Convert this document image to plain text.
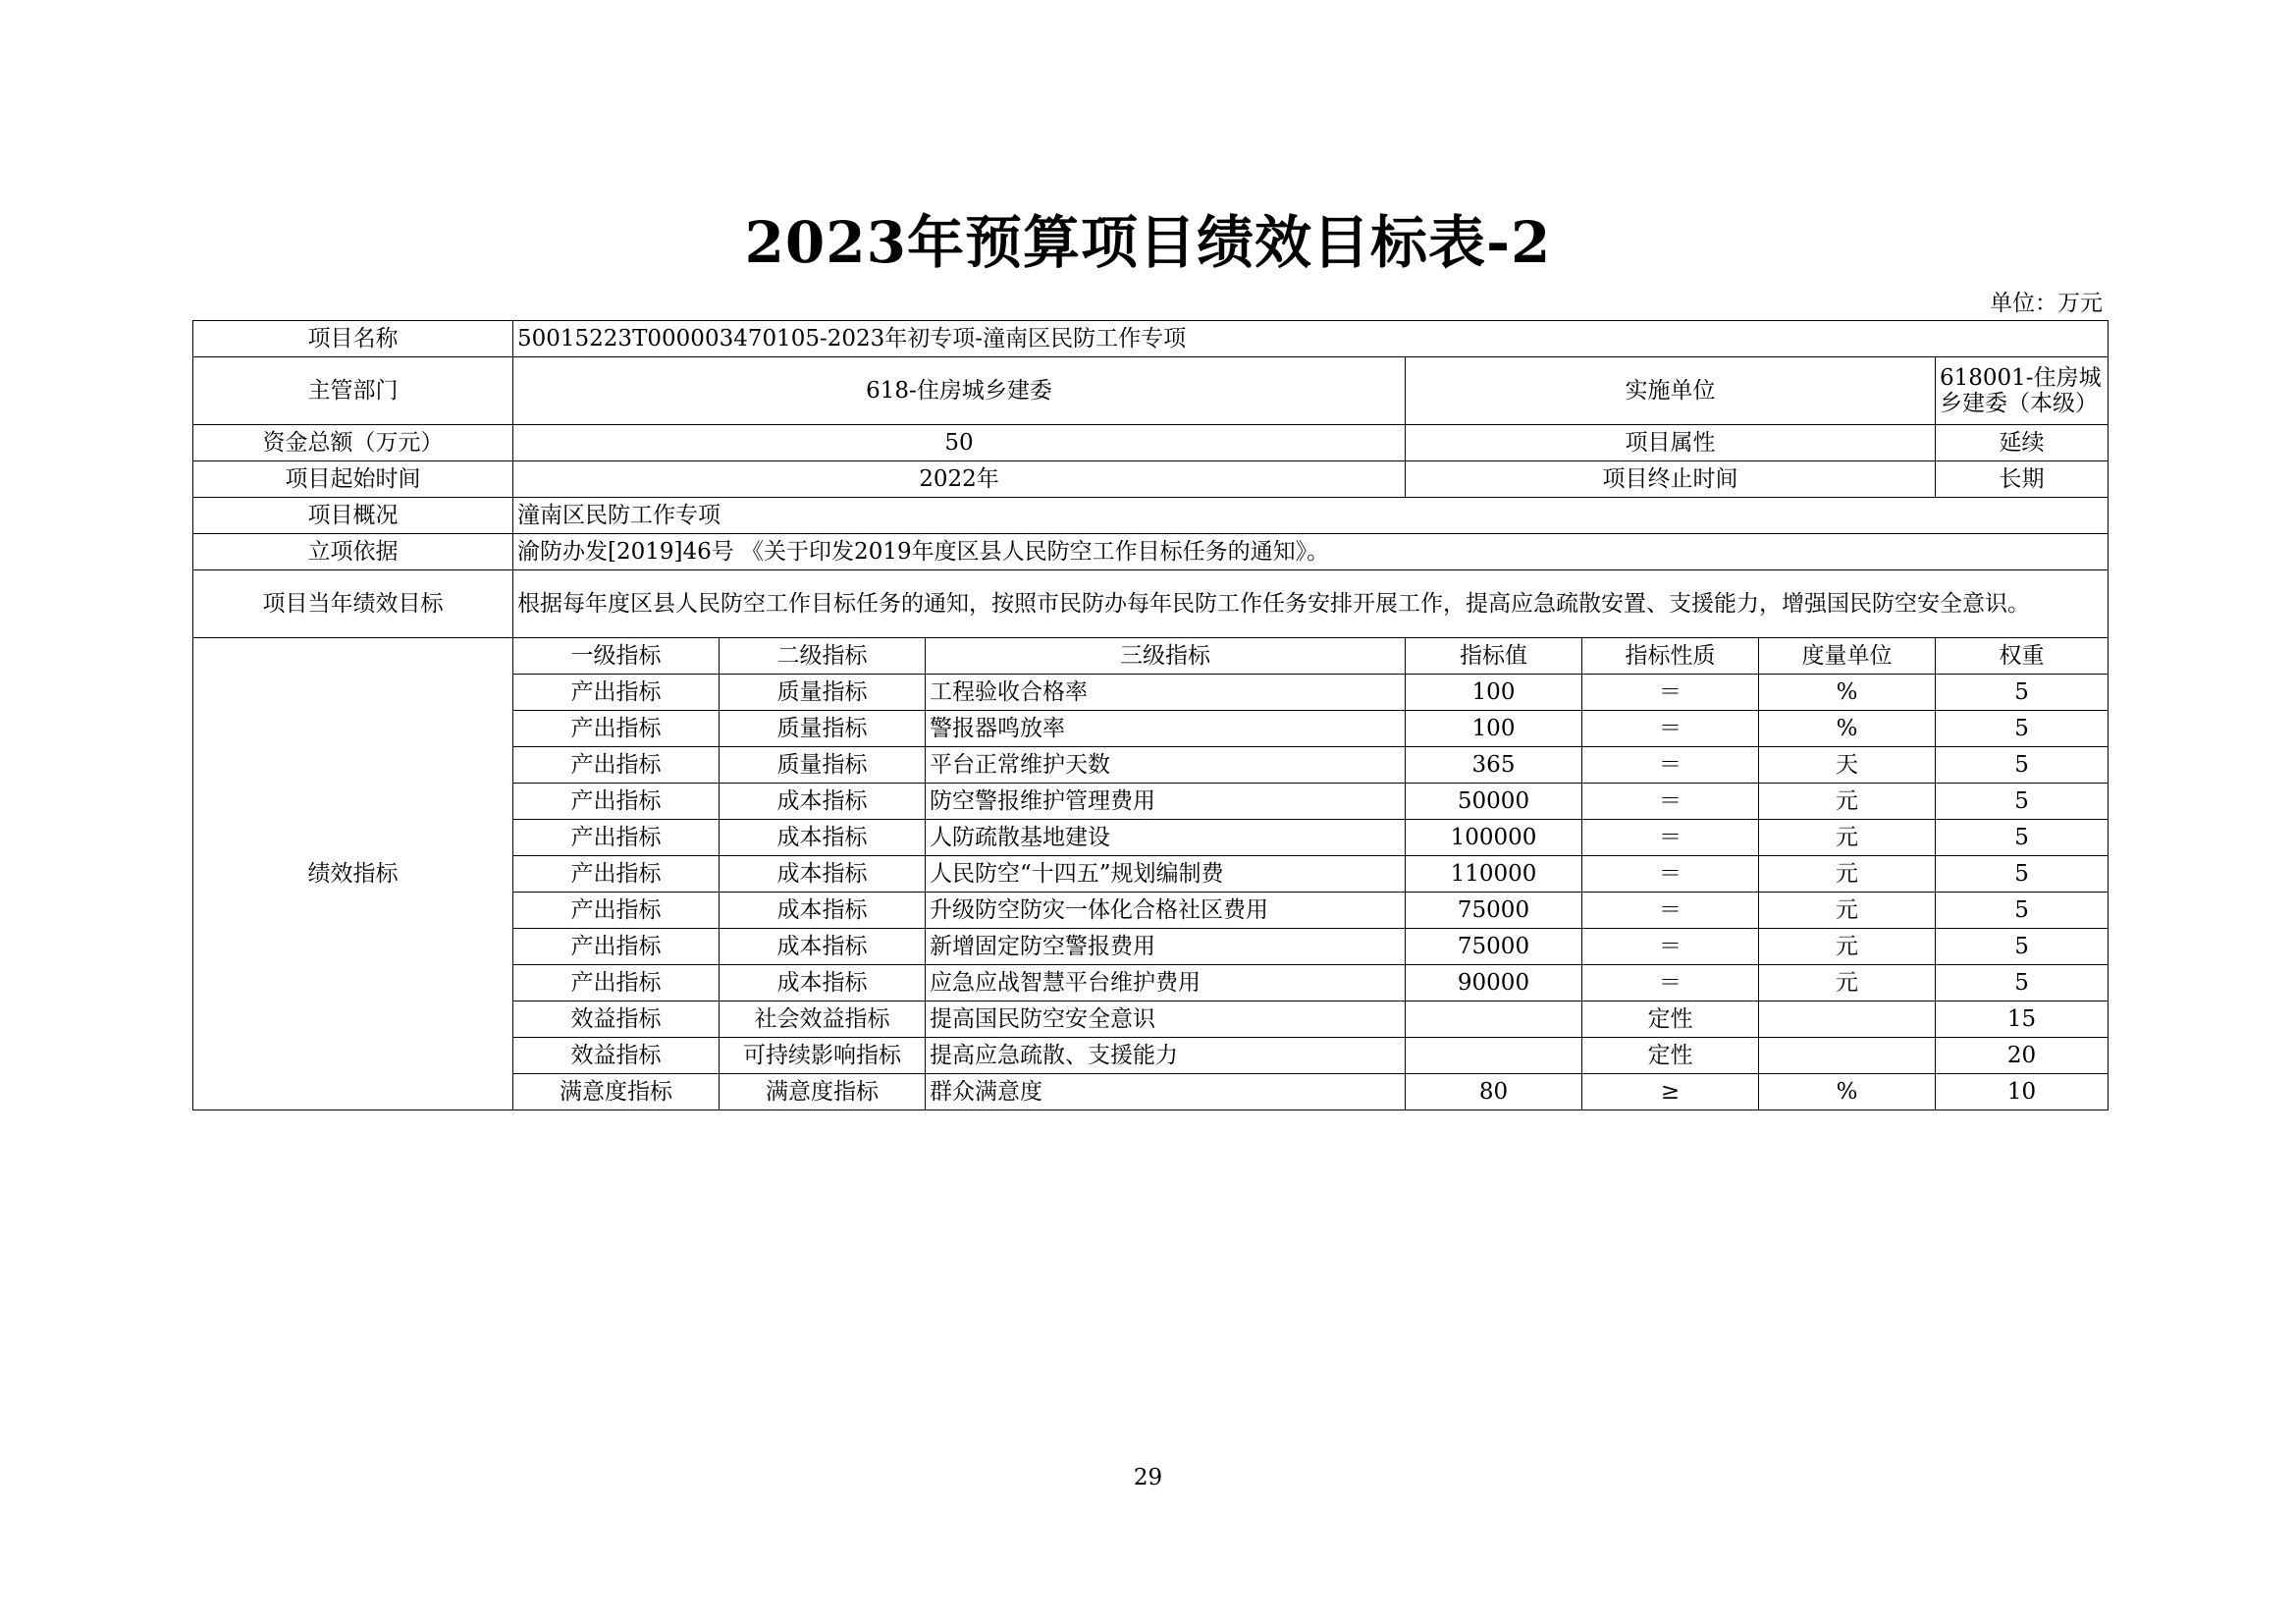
2023年预算项目绩效目标表-2
单位：万元
项目名称	50015223T000003470105-2023年初专项-潼南区民防工作专项						
主管部门	618-住房城乡建委			实施单位			618001-住房城乡建委（本级）
资金总额（万元）	50			项目属性			延续
项目起始时间	2022年			项目终止时间			长期
项目概况	潼南区民防工作专项						
立项依据	渝防办发[2019]46号 《关于印发2019年度区县人民防空工作目标任务的通知》。						
项目当年绩效目标	根据每年度区县人民防空工作目标任务的通知，按照市民防办每年民防工作任务安排开展工作，提高应急疏散安置、支援能力，增强国民防空安全意识。						
绩效指标	一级指标	二级指标	三级指标	指标值	指标性质	度量单位	权重
	产出指标	质量指标	工程验收合格率	100	＝	%	5
	产出指标	质量指标	警报器鸣放率	100	＝	%	5
	产出指标	质量指标	平台正常维护天数	365	＝	天	5
	产出指标	成本指标	防空警报维护管理费用	50000	＝	元	5
	产出指标	成本指标	人防疏散基地建设	100000	＝	元	5
	产出指标	成本指标	人民防空“十四五”规划编制费	110000	＝	元	5
	产出指标	成本指标	升级防空防灾一体化合格社区费用	75000	＝	元	5
	产出指标	成本指标	新增固定防空警报费用	75000	＝	元	5
	产出指标	成本指标	应急应战智慧平台维护费用	90000	＝	元	5
	效益指标	社会效益指标	提高国民防空安全意识		定性		15
	效益指标	可持续影响指标	提高应急疏散、支援能力		定性		20
	满意度指标	满意度指标	群众满意度	80	≥	%	10
29
